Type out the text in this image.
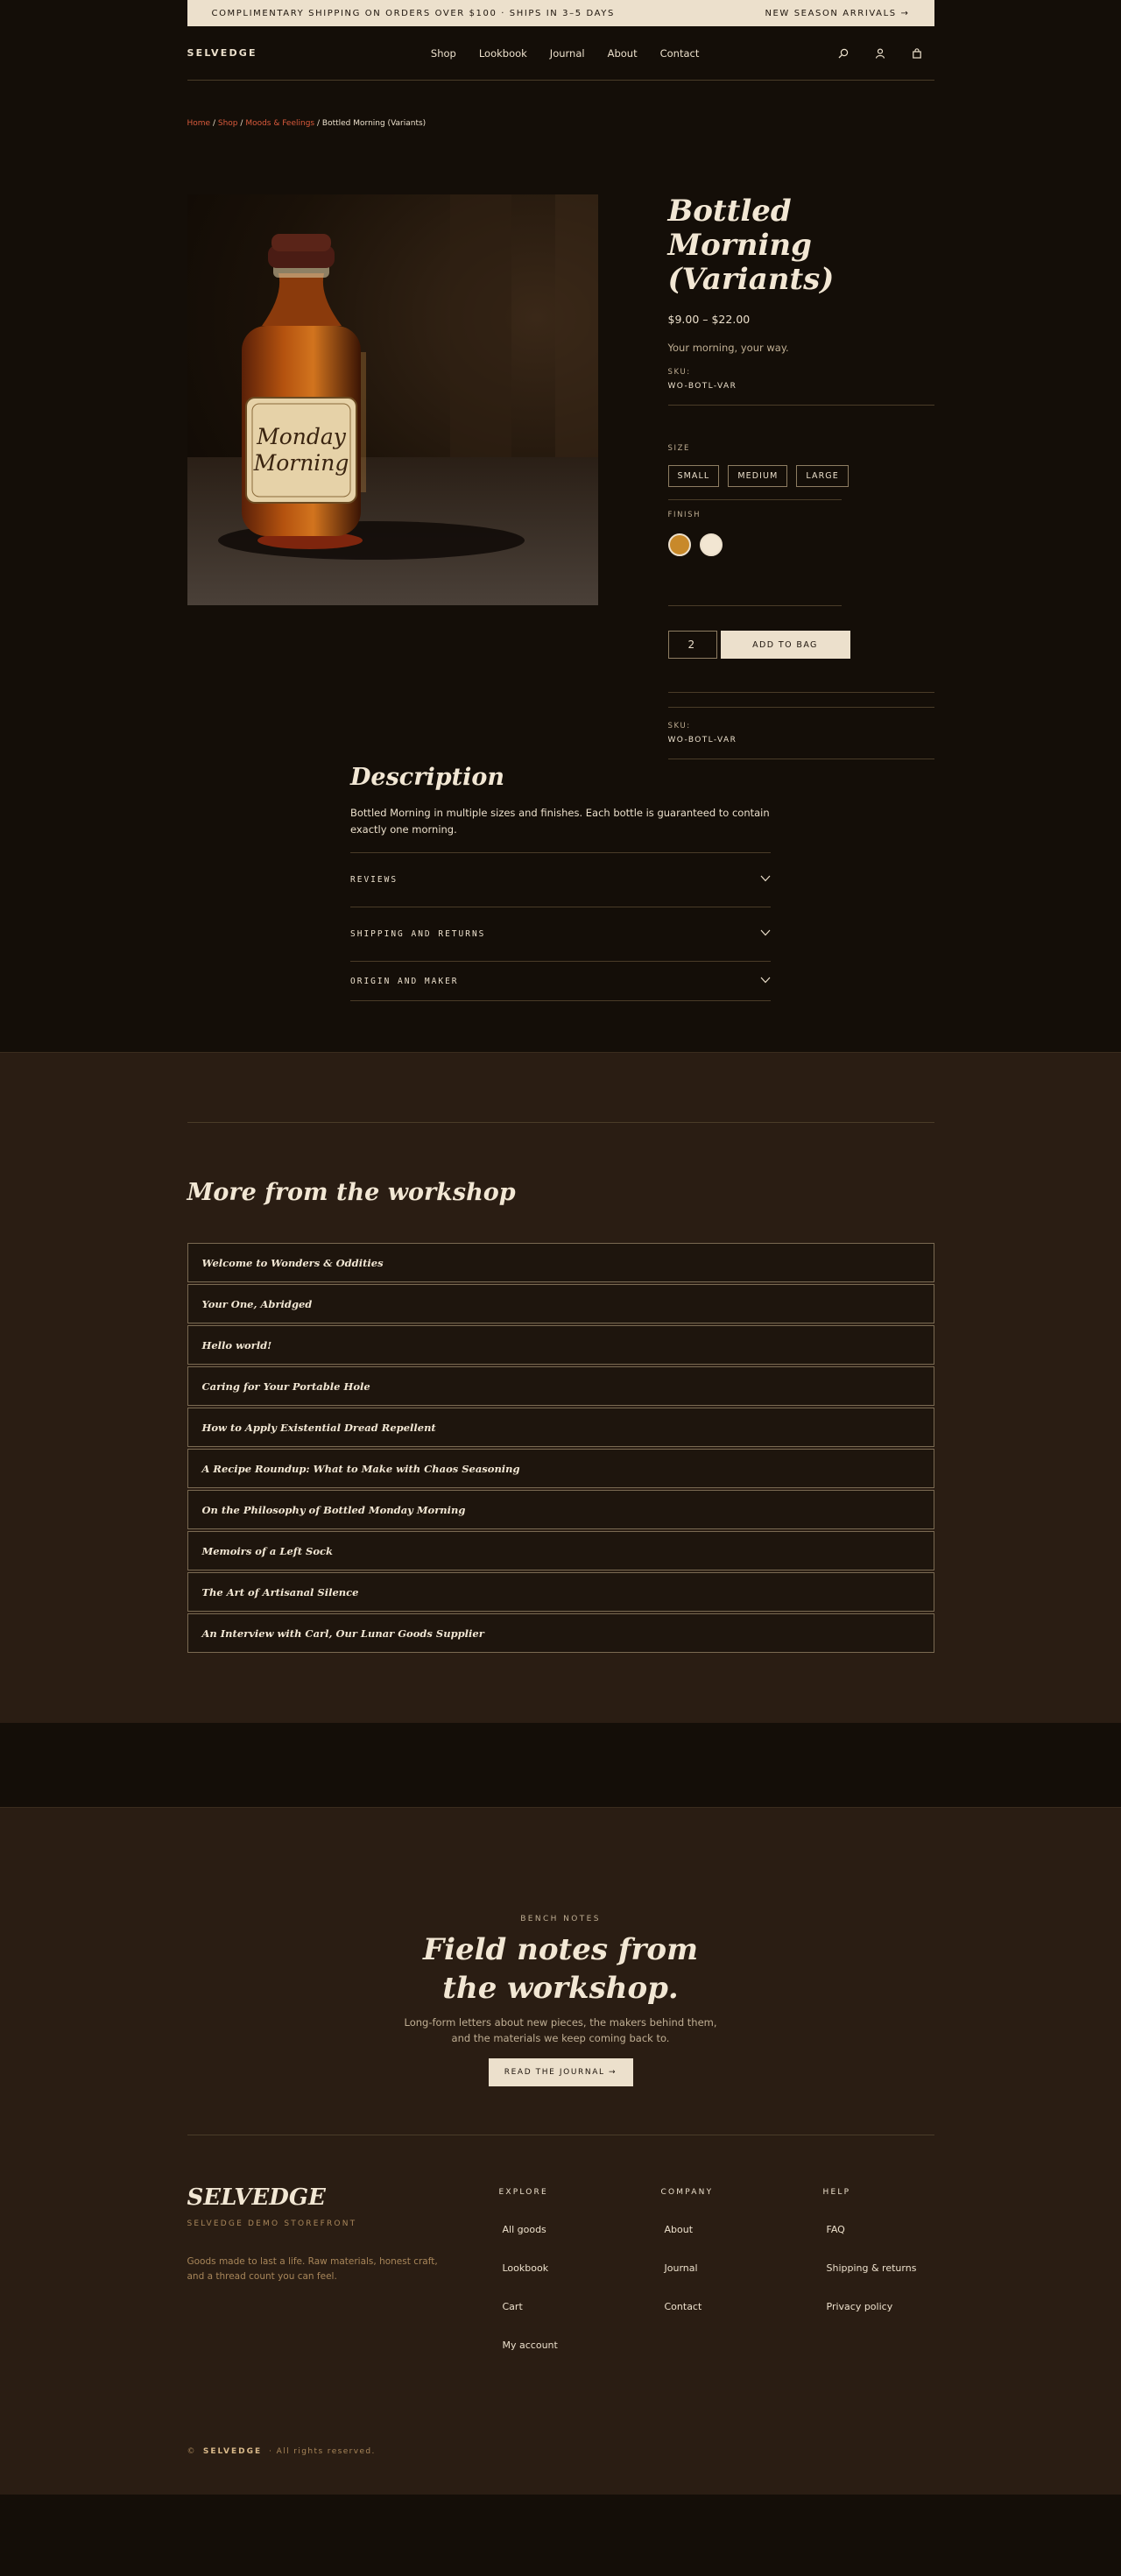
COMPLIMENTARY SHIPPING ON ORDERS OVER $100 · SHIPS IN 3–5 DAYS	NEW SEASON ARRIVALS →
SELVEDGE	Shop Lookbook Journal About Contact
Home / Shop / Moods & Feelings / Bottled Morning (Variants)
Monday
Morning
Bottled Morning (Variants)
$9.00 – $22.00
Your morning, your way.
SKU:
WO-BOTL-VAR
SIZE
SMALL	MEDIUM	LARGE
FINISH
2	ADD TO BAG
SKU:
WO-BOTL-VAR
Description
Bottled Morning in multiple sizes and finishes. Each bottle is guaranteed to contain exactly one morning.
REVIEWS
SHIPPING AND RETURNS
ORIGIN AND MAKER
More from the workshop
Welcome to Wonders & Oddities
Your One, Abridged
Hello world!
Caring for Your Portable Hole
How to Apply Existential Dread Repellent
A Recipe Roundup: What to Make with Chaos Seasoning
On the Philosophy of Bottled Monday Morning
Memoirs of a Left Sock
The Art of Artisanal Silence
An Interview with Carl, Our Lunar Goods Supplier
BENCH NOTES
Field notes from the workshop.
Long-form letters about new pieces, the makers behind them, and the materials we keep coming back to.
READ THE JOURNAL →
SELVEDGE
SELVEDGE DEMO STOREFRONT
Goods made to last a life. Raw materials, honest craft, and a thread count you can feel.
EXPLORE
All goods
Lookbook
Cart
My account
COMPANY
About
Journal
Contact
HELP
FAQ
Shipping & returns
Privacy policy
© SELVEDGE · All rights reserved.
